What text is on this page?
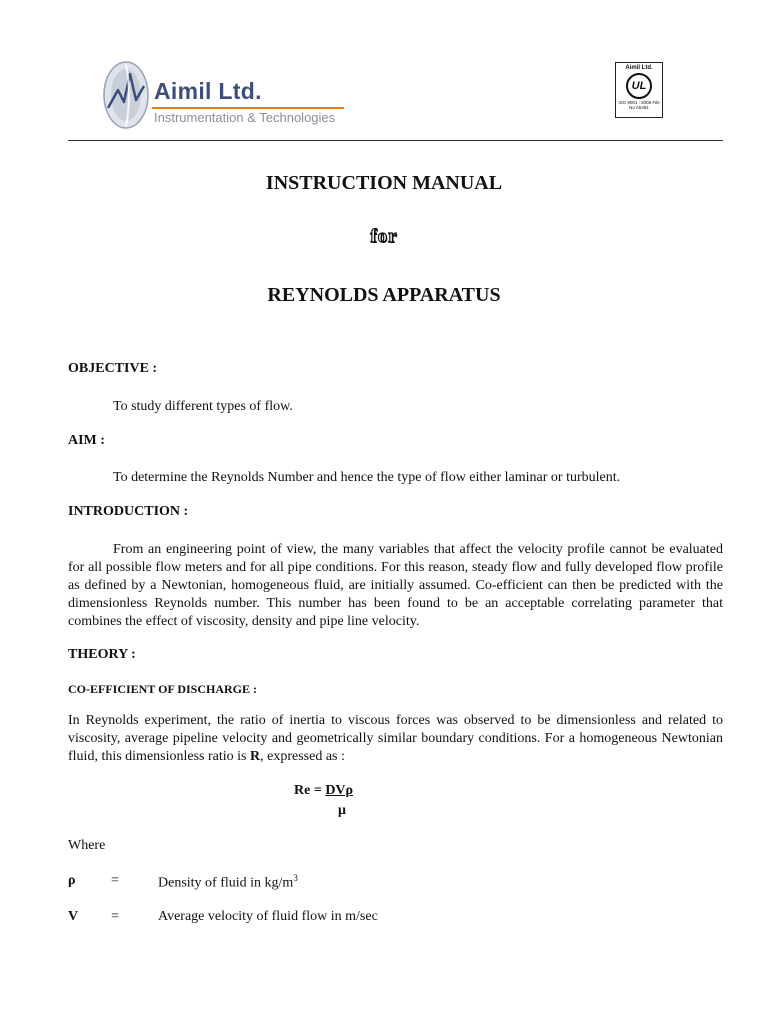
Aimil Ltd.
Instrumentation & Technologies
Aimil Ltd.
UL
ISO 9001 : 2008 File No A5491
INSTRUCTION MANUAL
for
REYNOLDS APPARATUS
OBJECTIVE :
To study different types of flow.
AIM :
To determine the Reynolds Number and hence the type of flow either laminar or turbulent.
INTRODUCTION :
From an engineering point of view, the many variables that affect the velocity profile cannot be evaluated for all possible flow meters and for all pipe conditions. For this reason, steady flow and fully developed flow profile as defined by a Newtonian, homogeneous fluid, are initially assumed. Co-efficient can then be predicted with the dimensionless Reynolds number. This number has been found to be an acceptable correlating parameter that combines the effect of viscosity, density and pipe line velocity.
THEORY :
CO-EFFICIENT OF DISCHARGE :
In Reynolds experiment, the ratio of inertia to viscous forces was observed to be dimensionless and related to viscosity, average pipeline velocity and geometrically similar boundary conditions. For a homogeneous Newtonian fluid, this dimensionless ratio is R, expressed as :
Re = DVρ
μ
Where
ρ	=	Density of fluid in $kg/m^3$
V =	Average velocity of fluid flow in m/sec
